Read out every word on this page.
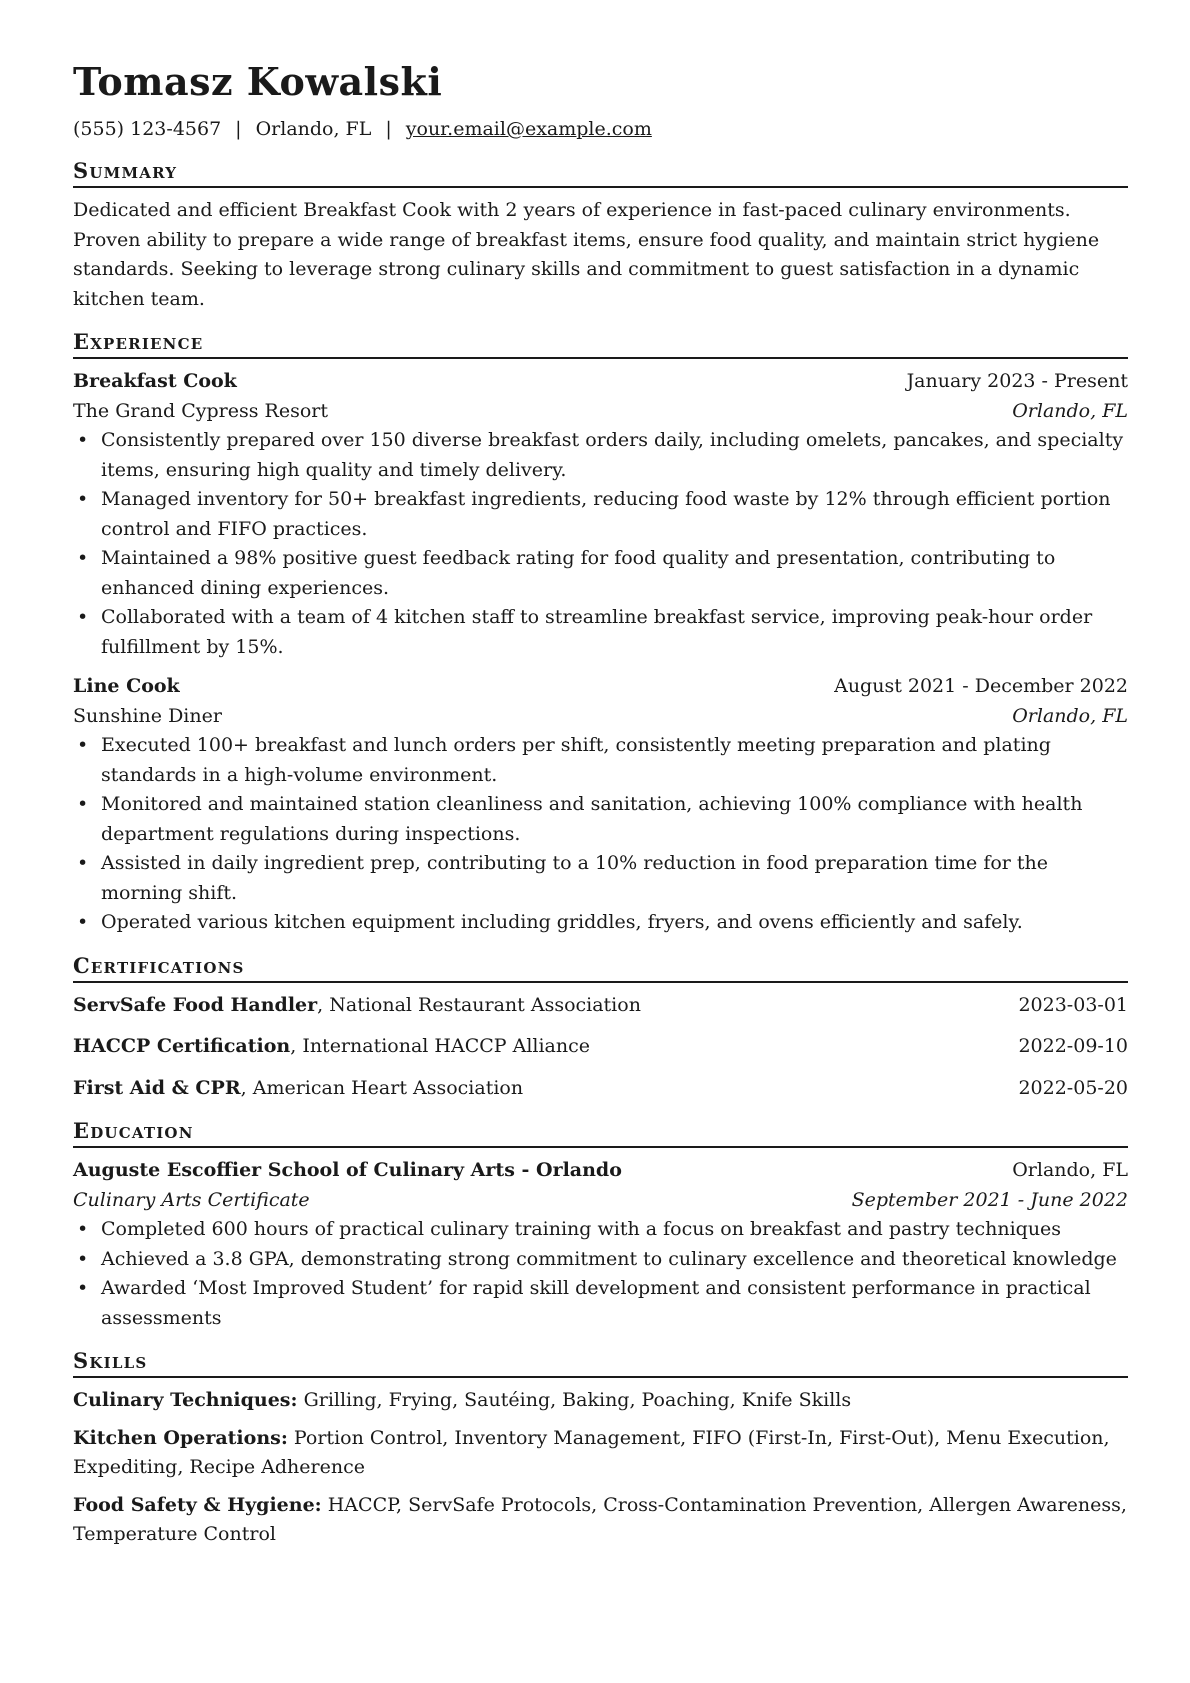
Tomasz Kowalski
(555) 123-4567 | Orlando, FL | your.email@example.com
Summary
Dedicated and efficient Breakfast Cook with 2 years of experience in fast-paced culinary environments. Proven ability to prepare a wide range of breakfast items, ensure food quality, and maintain strict hygiene standards. Seeking to leverage strong culinary skills and commitment to guest satisfaction in a dynamic kitchen team.
Experience
Breakfast Cook	January 2023 - Present
The Grand Cypress Resort	Orlando, FL
• Consistently prepared over 150 diverse breakfast orders daily, including omelets, pancakes, and specialty items, ensuring high quality and timely delivery.
• Managed inventory for 50+ breakfast ingredients, reducing food waste by 12% through efficient portion control and FIFO practices.
• Maintained a 98% positive guest feedback rating for food quality and presentation, contributing to enhanced dining experiences.
• Collaborated with a team of 4 kitchen staff to streamline breakfast service, improving peak-hour order fulfillment by 15%.
Line Cook	August 2021 - December 2022
Sunshine Diner	Orlando, FL
• Executed 100+ breakfast and lunch orders per shift, consistently meeting preparation and plating standards in a high-volume environment.
• Monitored and maintained station cleanliness and sanitation, achieving 100% compliance with health department regulations during inspections.
• Assisted in daily ingredient prep, contributing to a 10% reduction in food preparation time for the morning shift.
• Operated various kitchen equipment including griddles, fryers, and ovens efficiently and safely.
Certifications
ServSafe Food Handler, National Restaurant Association	2023-03-01
HACCP Certification, International HACCP Alliance	2022-09-10
First Aid & CPR, American Heart Association	2022-05-20
Education
Auguste Escoffier School of Culinary Arts - Orlando	Orlando, FL
Culinary Arts Certificate	September 2021 - June 2022
• Completed 600 hours of practical culinary training with a focus on breakfast and pastry techniques
• Achieved a 3.8 GPA, demonstrating strong commitment to culinary excellence and theoretical knowledge
• Awarded ‘Most Improved Student’ for rapid skill development and consistent performance in practical assessments
Skills
Culinary Techniques: Grilling, Frying, Sautéing, Baking, Poaching, Knife Skills
Kitchen Operations: Portion Control, Inventory Management, FIFO (First-In, First-Out), Menu Execution, Expediting, Recipe Adherence
Food Safety & Hygiene: HACCP, ServSafe Protocols, Cross-Contamination Prevention, Allergen Awareness, Temperature Control
